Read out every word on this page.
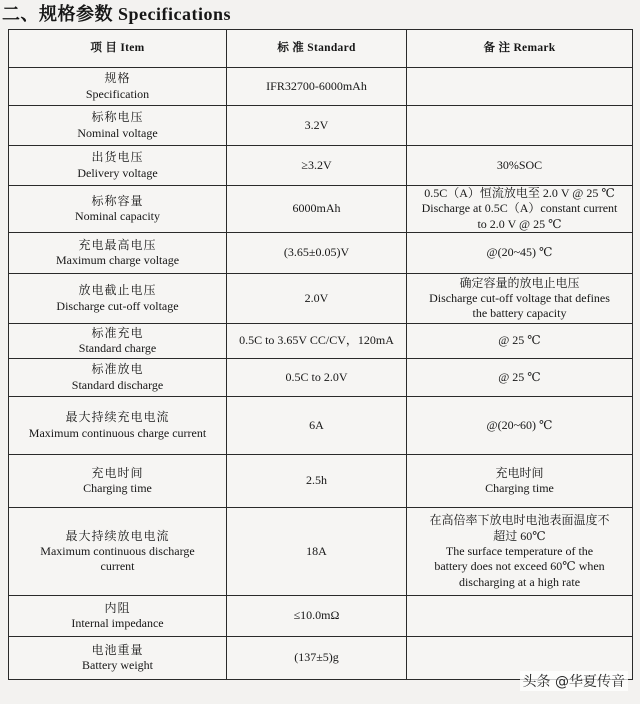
二、规格参数 Specifications
项 目 Item	标 准 Standard	备 注 Remark

规格
Specification	IFR32700-6000mAh	

标称电压
Nominal voltage	3.2V	

出货电压
Delivery voltage	≥3.2V	30%SOC

标称容量
Nominal capacity	6000mAh	0.5C（A）恒流放电至 2.0 V @ 25 ℃
Discharge at 0.5C（A）constant current
to 2.0 V @ 25 ℃

充电最高电压
Maximum charge voltage	(3.65±0.05)V	@(20~45) ℃

放电截止电压
Discharge cut-off voltage	2.0V	确定容量的放电止电压
Discharge cut-off voltage that defines
the battery capacity

标准充电
Standard charge	0.5C to 3.65V CC/CV，120mA	@ 25 ℃

标准放电
Standard discharge	0.5C to 2.0V	@ 25 ℃

最大持续充电电流
Maximum continuous charge current	6A	@(20~60) ℃

充电时间
Charging time	2.5h	充电时间
Charging time

最大持续放电电流
Maximum continuous discharge
current	18A	在高倍率下放电时电池表面温度不
超过 60℃
The surface temperature of the
battery does not exceed 60℃ when
discharging at a high rate

内阻
Internal impedance	≤10.0mΩ	

电池重量
Battery weight	(137±5)g	
头条 @华夏传音
